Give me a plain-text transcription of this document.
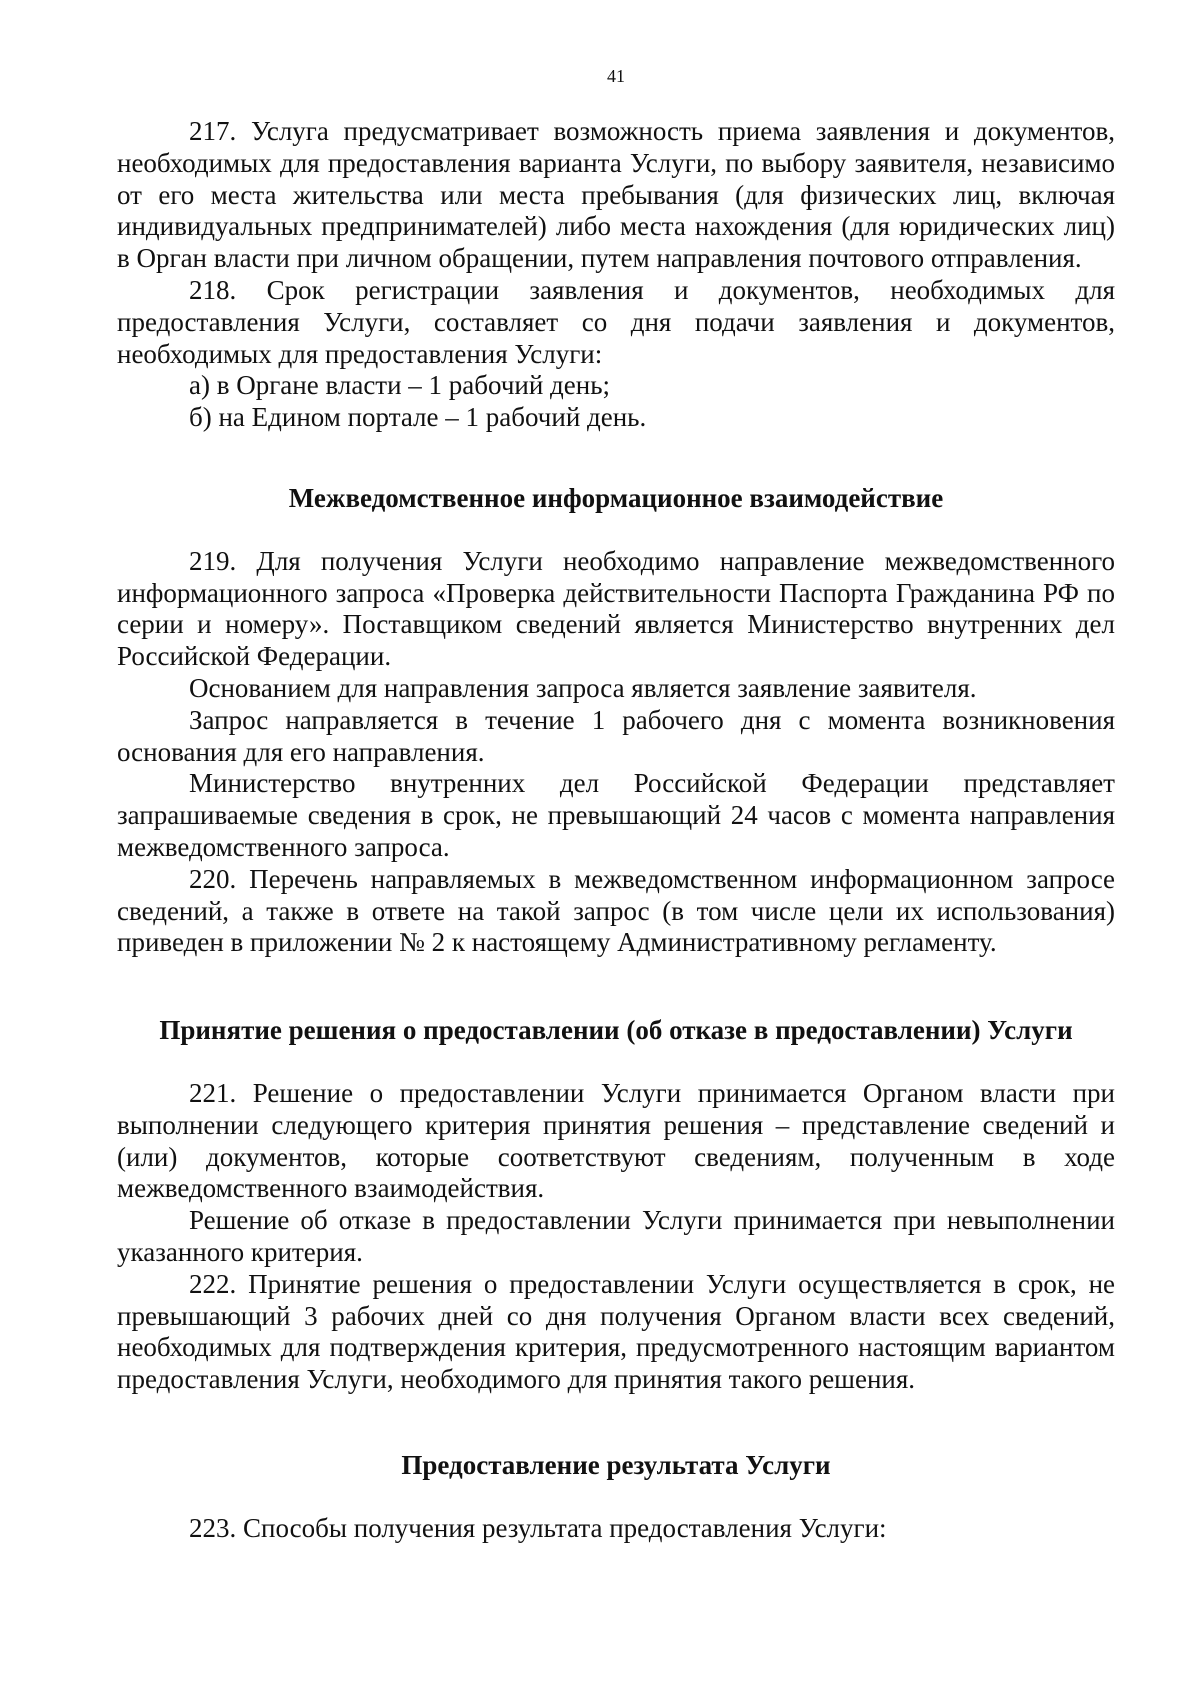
41

217. Услуга предусматривает возможность приема заявления и документов, необходимых для предоставления варианта Услуги, по выбору заявителя, независимо от его места жительства или места пребывания (для физических лиц, включая индивидуальных предпринимателей) либо места нахождения (для юридических лиц) в Орган власти при личном обращении, путем направления почтового отправления.

218. Срок регистрации заявления и документов, необходимых для предоставления Услуги, составляет со дня подачи заявления и документов, необходимых для предоставления Услуги:

а) в Органе власти – 1 рабочий день;

б) на Едином портале – 1 рабочий день.

Межведомственное информационное взаимодействие

219. Для получения Услуги необходимо направление межведомственного информационного запроса «Проверка действительности Паспорта Гражданина РФ по серии и номеру». Поставщиком сведений является Министерство внутренних дел Российской Федерации.

Основанием для направления запроса является заявление заявителя.

Запрос направляется в течение 1 рабочего дня с момента возникновения основания для его направления.

Министерство внутренних дел Российской Федерации представляет запрашиваемые сведения в срок, не превышающий 24 часов с момента направления межведомственного запроса.

220. Перечень направляемых в межведомственном информационном запросе сведений, а также в ответе на такой запрос (в том числе цели их использования) приведен в приложении № 2 к настоящему Административному регламенту.

Принятие решения о предоставлении (об отказе в предоставлении) Услуги

221. Решение о предоставлении Услуги принимается Органом власти при выполнении следующего критерия принятия решения – представление сведений и (или) документов, которые соответствуют сведениям, полученным в ходе межведомственного взаимодействия.

Решение об отказе в предоставлении Услуги принимается при невыполнении указанного критерия.

222. Принятие решения о предоставлении Услуги осуществляется в срок, не превышающий 3 рабочих дней со дня получения Органом власти всех сведений, необходимых для подтверждения критерия, предусмотренного настоящим вариантом предоставления Услуги, необходимого для принятия такого решения.

Предоставление результата Услуги

223. Способы получения результата предоставления Услуги:
